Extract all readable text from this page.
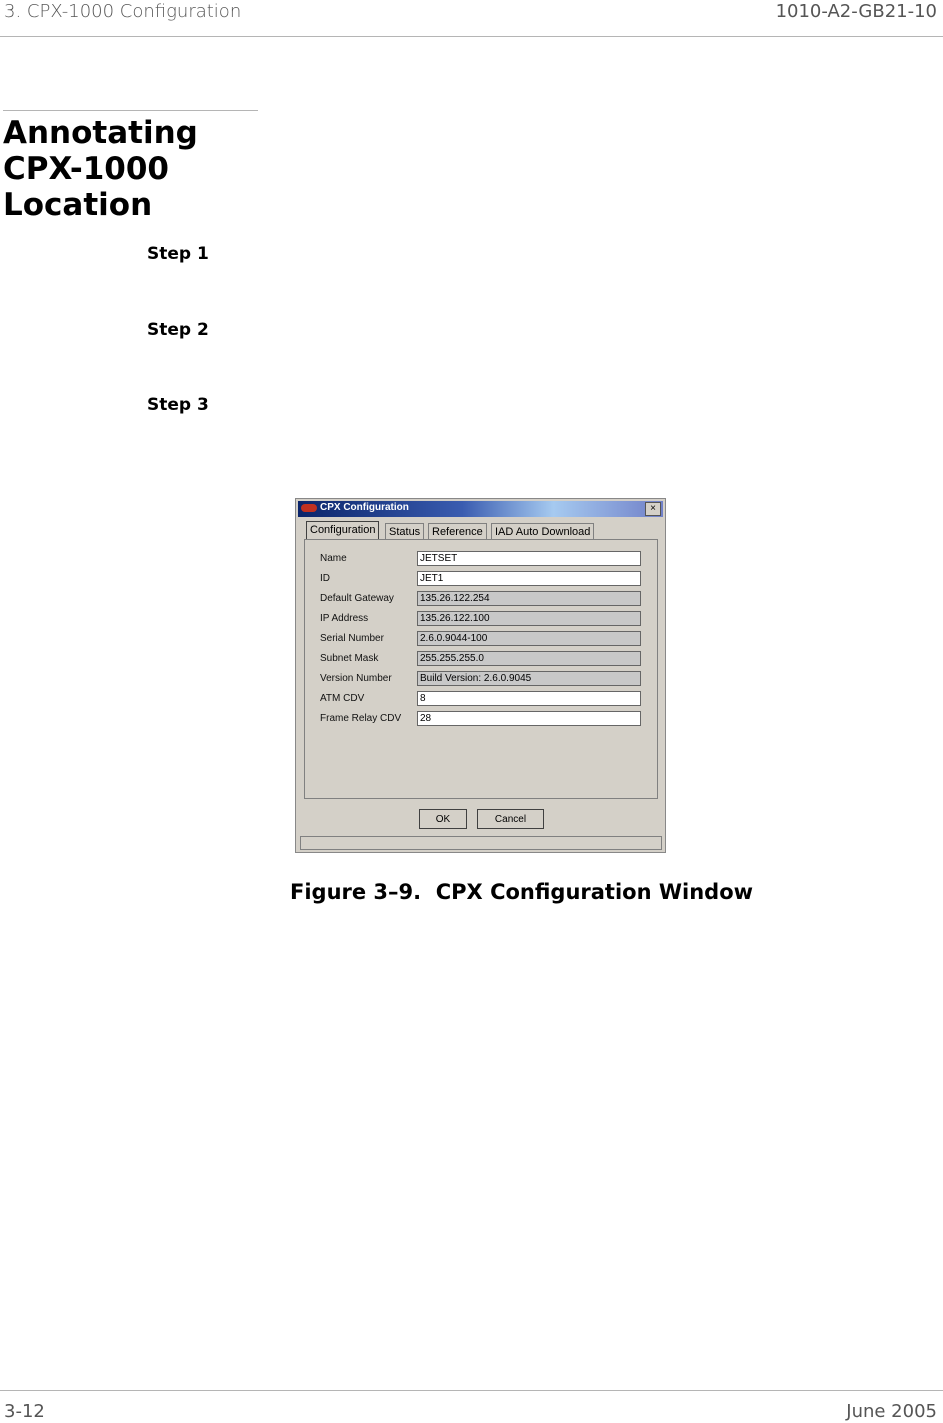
3. CPX-1000 Configuration	1010-A2-GB21-10
Annotating
CPX-1000
Location
Step 1
Step 2
Step 3
CPX Configuration	×
Configuration	Status	Reference	IAD Auto Download
Name	JETSET
ID	JET1
Default Gateway	135.26.122.254
IP Address	135.26.122.100
Serial Number	2.6.0.9044-100
Subnet Mask	255.255.255.0
Version Number	Build Version: 2.6.0.9045
ATM CDV	8
Frame Relay CDV	28
OK	Cancel
Figure 3–9.  CPX Configuration Window
3-12	June 2005
